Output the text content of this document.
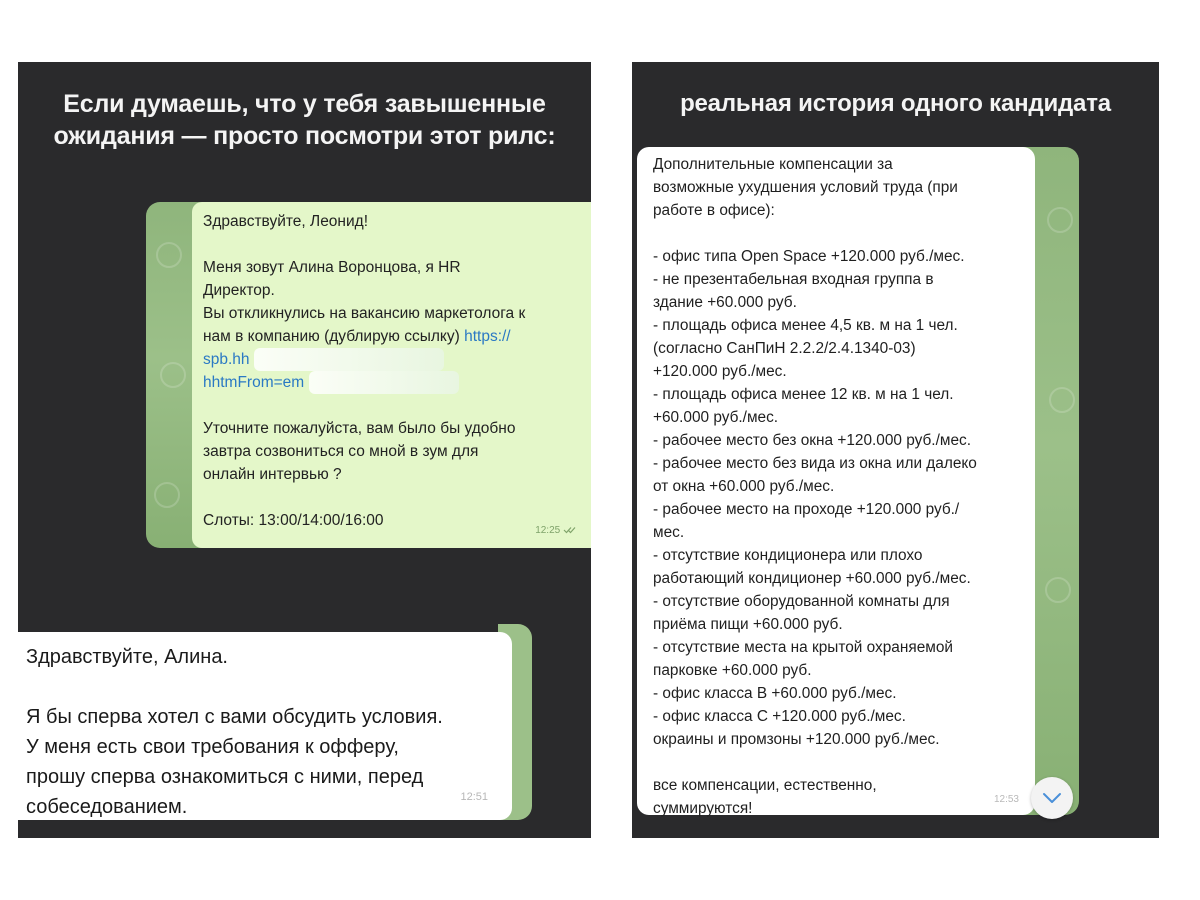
Если думаешь, что у тебя завышенные
ожидания — просто посмотри этот рилс:
Здравствуйте, Леонид!
Меня зовут Алина Воронцова, я HR
Директор.
Вы откликнулись на вакансию маркетолога к
нам в компанию (дублирую ссылку) https://
spb.hh
hhtmFrom=em
Уточните пожалуйста, вам было бы удобно
завтра созвониться со мной в зум для
онлайн интервью ?
Слоты: 13:00/14:00/16:00
12:25
Здравствуйте, Алина.
Я бы сперва хотел с вами обсудить условия.
У меня есть свои требования к офферу,
прошу сперва ознакомиться с ними, перед
собеседованием.	12:51
реальная история одного кандидата
Дополнительные компенсации за
возможные ухудшения условий труда (при
работе в офисе):
- офис типа Open Space +120.000 руб./мес.
- не презентабельная входная группа в
здание +60.000 руб.
- площадь офиса менее 4,5 кв. м на 1 чел.
(согласно СанПиН 2.2.2/2.4.1340-03)
+120.000 руб./мес.
- площадь офиса менее 12 кв. м на 1 чел.
+60.000 руб./мес.
- рабочее место без окна +120.000 руб./мес.
- рабочее место без вида из окна или далеко
от окна +60.000 руб./мес.
- рабочее место на проходе +120.000 руб./
мес.
- отсутствие кондиционера или плохо
работающий кондиционер +60.000 руб./мес.
- отсутствие оборудованной комнаты для
приёма пищи +60.000 руб.
- отсутствие места на крытой охраняемой
парковке +60.000 руб.
- офис класса В +60.000 руб./мес.
- офис класса С +120.000 руб./мес.
окраины и промзоны +120.000 руб./мес.
все компенсации, естественно,
суммируются!
12:53
